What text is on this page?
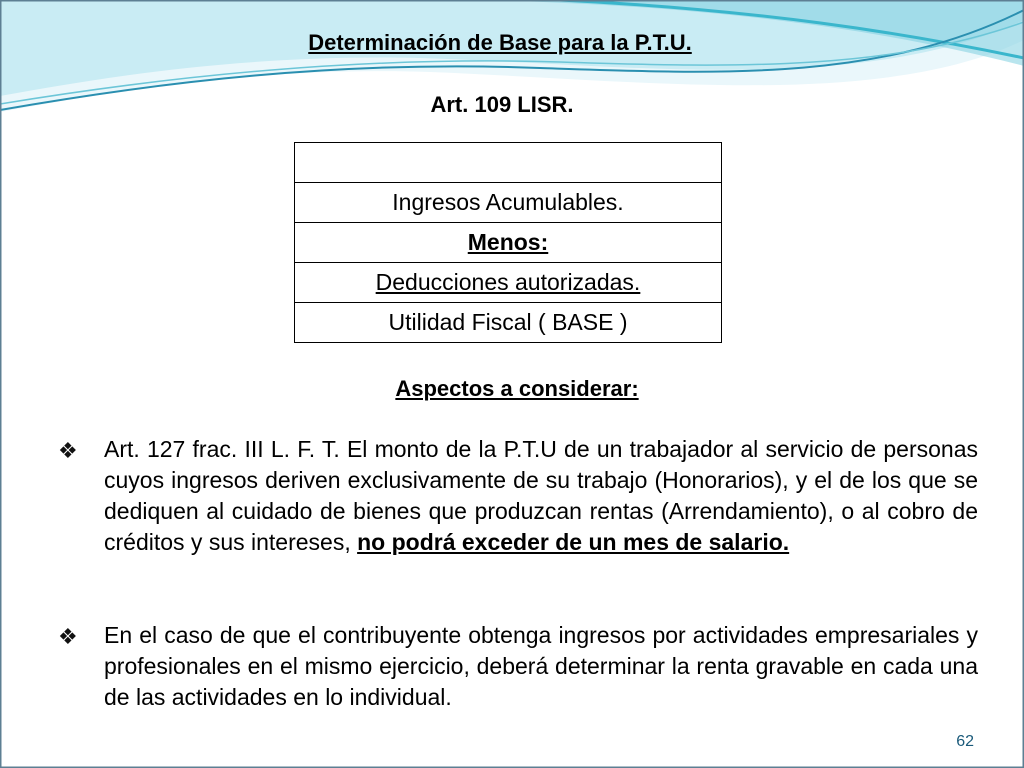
Determinación de Base para la P.T.U.
Art. 109 LISR.

Ingresos Acumulables.
Menos:
Deducciones autorizadas.
Utilidad Fiscal ( BASE )
Aspectos a considerar:
❖ Art. 127 frac. III L. F. T. El monto de la P.T.U de un trabajador al servicio de personas cuyos ingresos deriven exclusivamente de su trabajo (Honorarios), y el de los que se dediquen al cuidado de bienes que produzcan rentas (Arrendamiento), o al cobro de créditos y sus intereses, no podrá exceder de un mes de salario.
❖ En el caso de que el contribuyente obtenga ingresos por actividades empresariales y profesionales en el mismo ejercicio, deberá determinar la renta gravable en cada una de las actividades en lo individual.
62
